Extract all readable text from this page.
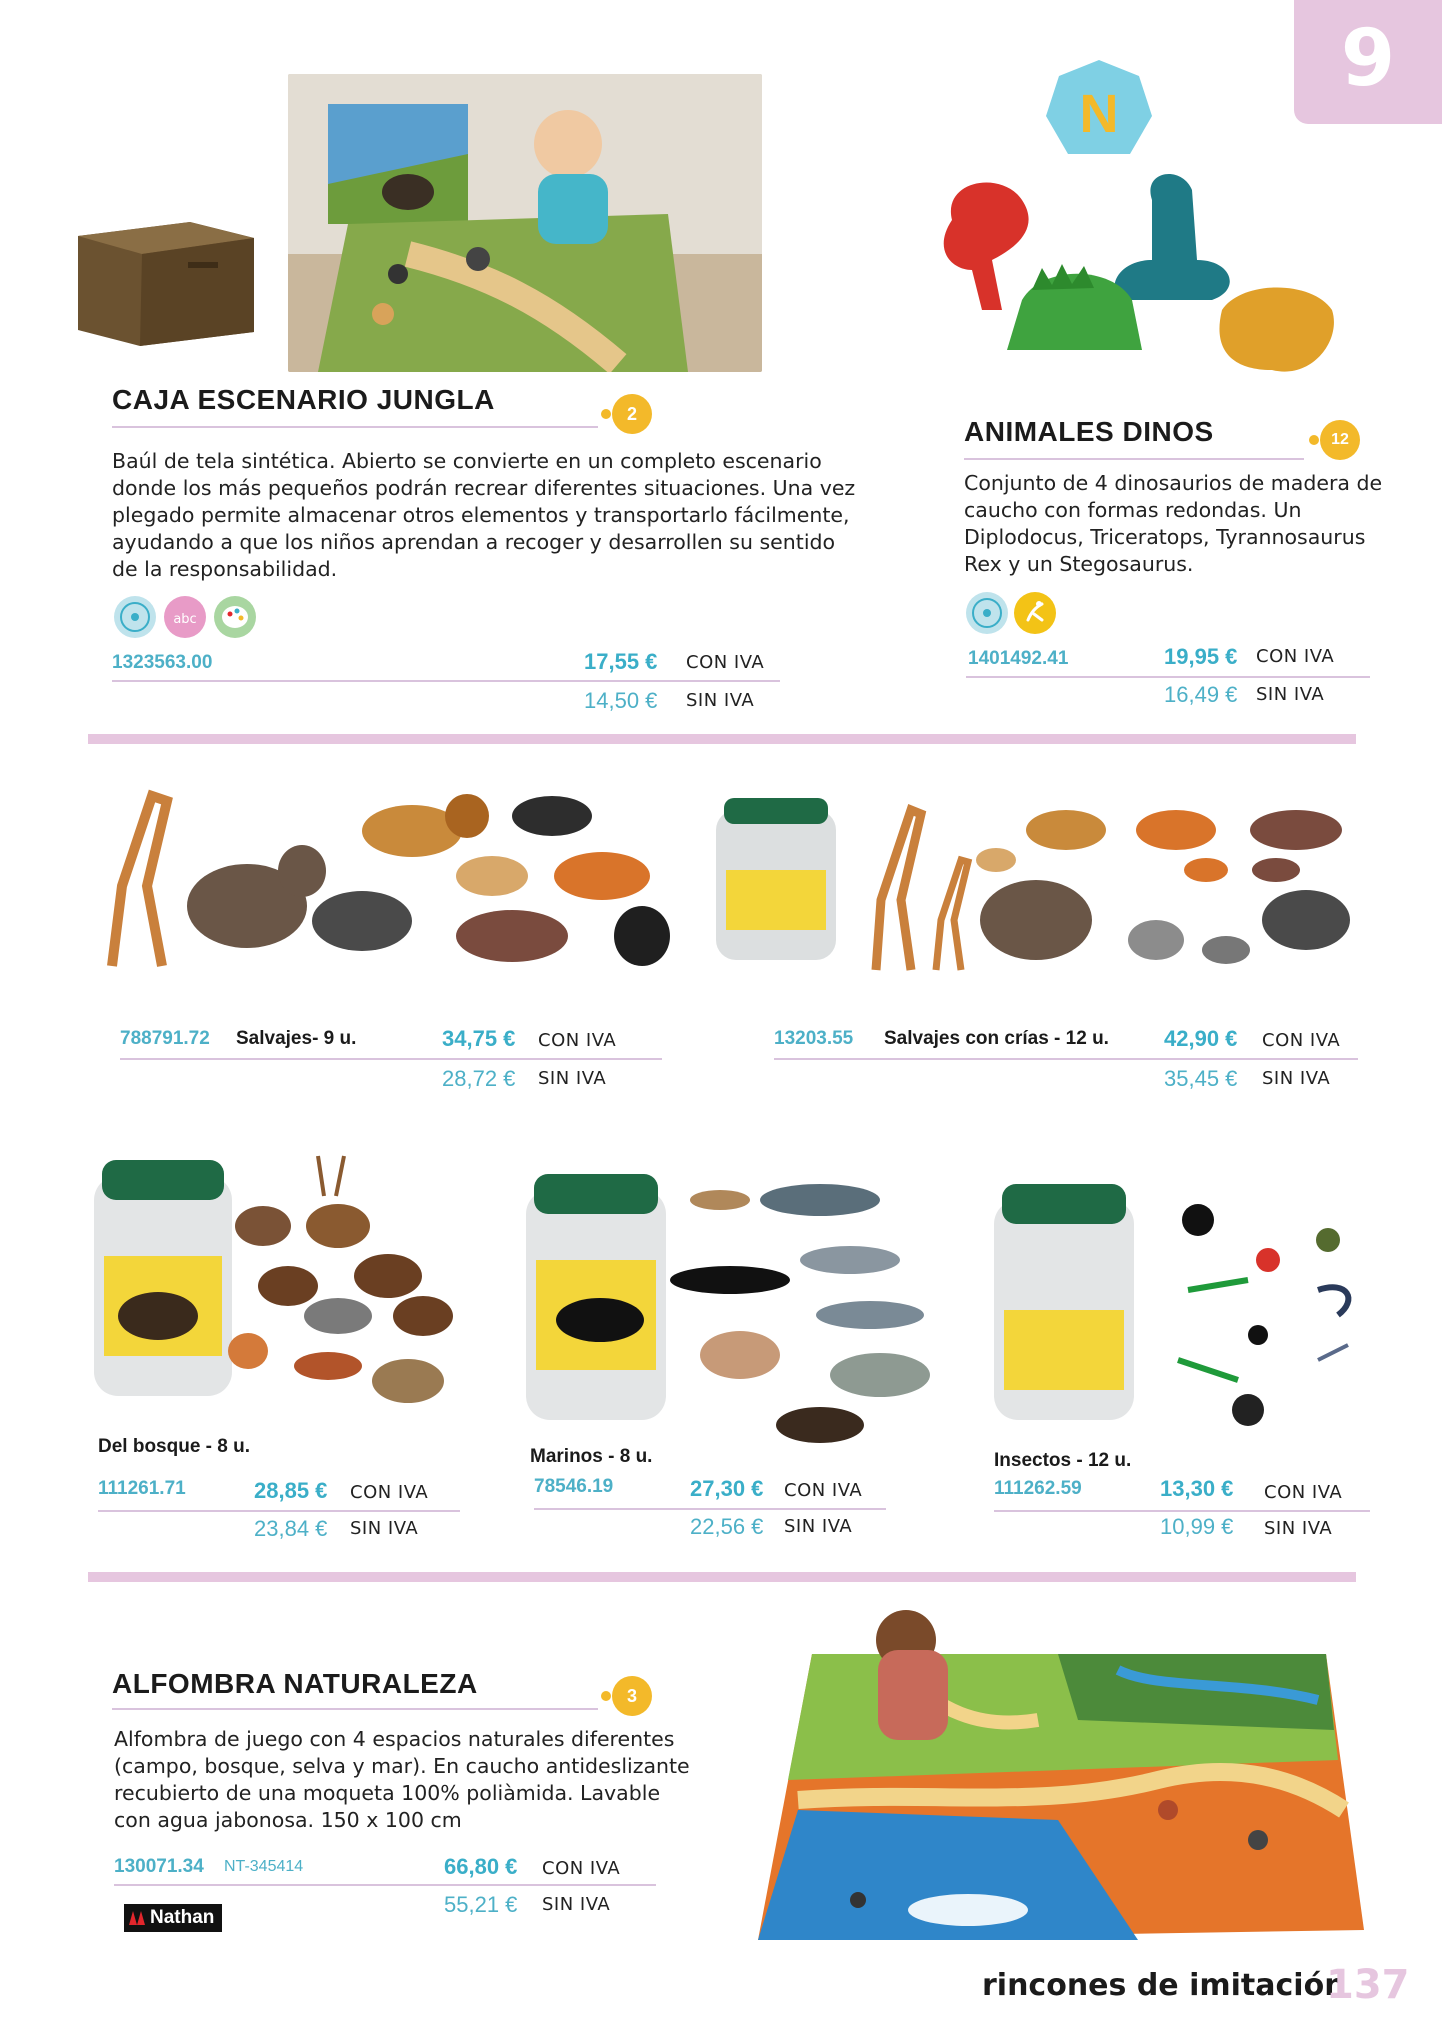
9
CAJA ESCENARIO JUNGLA	2
Baúl de tela sintética. Abierto se convierte en un completo escenario donde los más pequeños podrán recrear diferentes situaciones. Una vez plegado permite almacenar otros elementos y transportarlo fácilmente, ayudando a que los niños aprendan a recoger y desarrollen su sentido de la responsabilidad.
abc
1323563.00	17,55 € CON IVA
14,50 € SIN IVA
N
ANIMALES DINOS	12
Conjunto de 4 dinosaurios de madera de caucho con formas redondas. Un Diplodocus, Triceratops, Tyrannosaurus Rex y un Stegosaurus.
1401492.41	19,95 € CON IVA
16,49 € SIN IVA
788791.72 Salvajes- 9 u.	34,75 € CON IVA
28,72 € SIN IVA
13203.55 Salvajes con crías - 12 u.	42,90 € CON IVA
35,45 € SIN IVA
Del bosque - 8 u.
111261.71	28,85 € CON IVA
23,84 € SIN IVA
Marinos - 8 u.
78546.19	27,30 € CON IVA
22,56 € SIN IVA
Insectos - 12 u.
111262.59	13,30 € CON IVA
10,99 € SIN IVA
ALFOMBRA NATURALEZA	3
Alfombra de juego con 4 espacios naturales diferentes (campo, bosque, selva y mar). En caucho antideslizante recubierto de una moqueta 100% poliàmida. Lavable con agua jabonosa. 150 x 100 cm
130071.34 NT-345414	66,80 € CON IVA
55,21 € SIN IVA
Nathan
rincones de imitación
137
